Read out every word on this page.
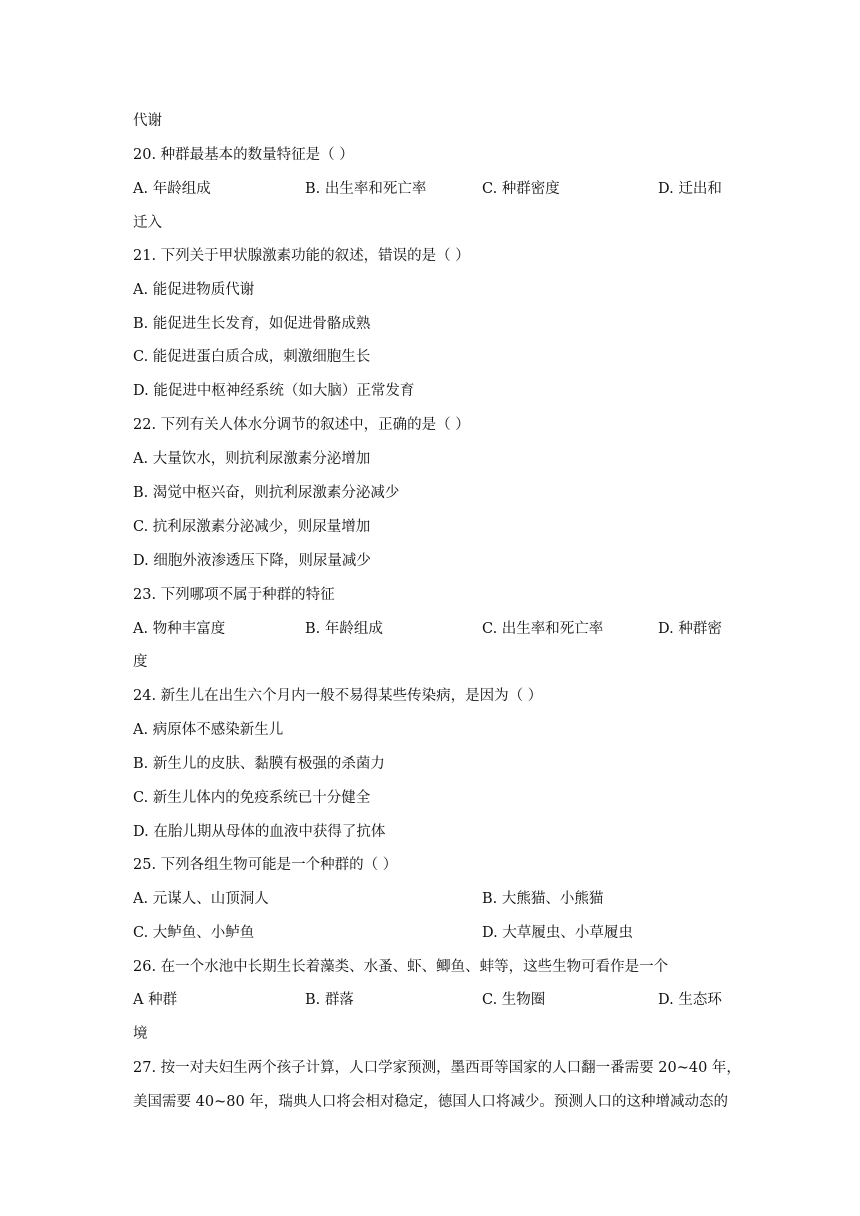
代谢
20. 种群最基本的数量特征是（ ）
A. 年龄组成	B. 出生率和死亡率	C. 种群密度	D. 迁出和
迁入
21. 下列关于甲状腺激素功能的叙述，错误的是（ ）
A. 能促进物质代谢
B. 能促进生长发育，如促进骨骼成熟
C. 能促进蛋白质合成，刺激细胞生长
D. 能促进中枢神经系统（如大脑）正常发育
22. 下列有关人体水分调节的叙述中，正确的是（ ）
A. 大量饮水，则抗利尿激素分泌增加
B. 渴觉中枢兴奋，则抗利尿激素分泌减少
C. 抗利尿激素分泌减少，则尿量增加
D. 细胞外液渗透压下降，则尿量减少
23. 下列哪项不属于种群的特征
A. 物种丰富度	B. 年龄组成	C. 出生率和死亡率	D. 种群密
度
24. 新生儿在出生六个月内一般不易得某些传染病，是因为（ ）
A. 病原体不感染新生儿
B. 新生儿的皮肤、黏膜有极强的杀菌力
C. 新生儿体内的免疫系统已十分健全
D. 在胎儿期从母体的血液中获得了抗体
25. 下列各组生物可能是一个种群的（ ）
A. 元谋人、山顶洞人	B. 大熊猫、小熊猫
C. 大鲈鱼、小鲈鱼	D. 大草履虫、小草履虫
26. 在一个水池中长期生长着藻类、水蚤、虾、鲫鱼、蚌等，这些生物可看作是一个
A 种群	B. 群落	C. 生物圈	D. 生态环
境
27. 按一对夫妇生两个孩子计算，人口学家预测，墨西哥等国家的人口翻一番需要 20~40 年，
美国需要 40~80 年，瑞典人口将会相对稳定，德国人口将减少。预测人口的这种增减动态的
